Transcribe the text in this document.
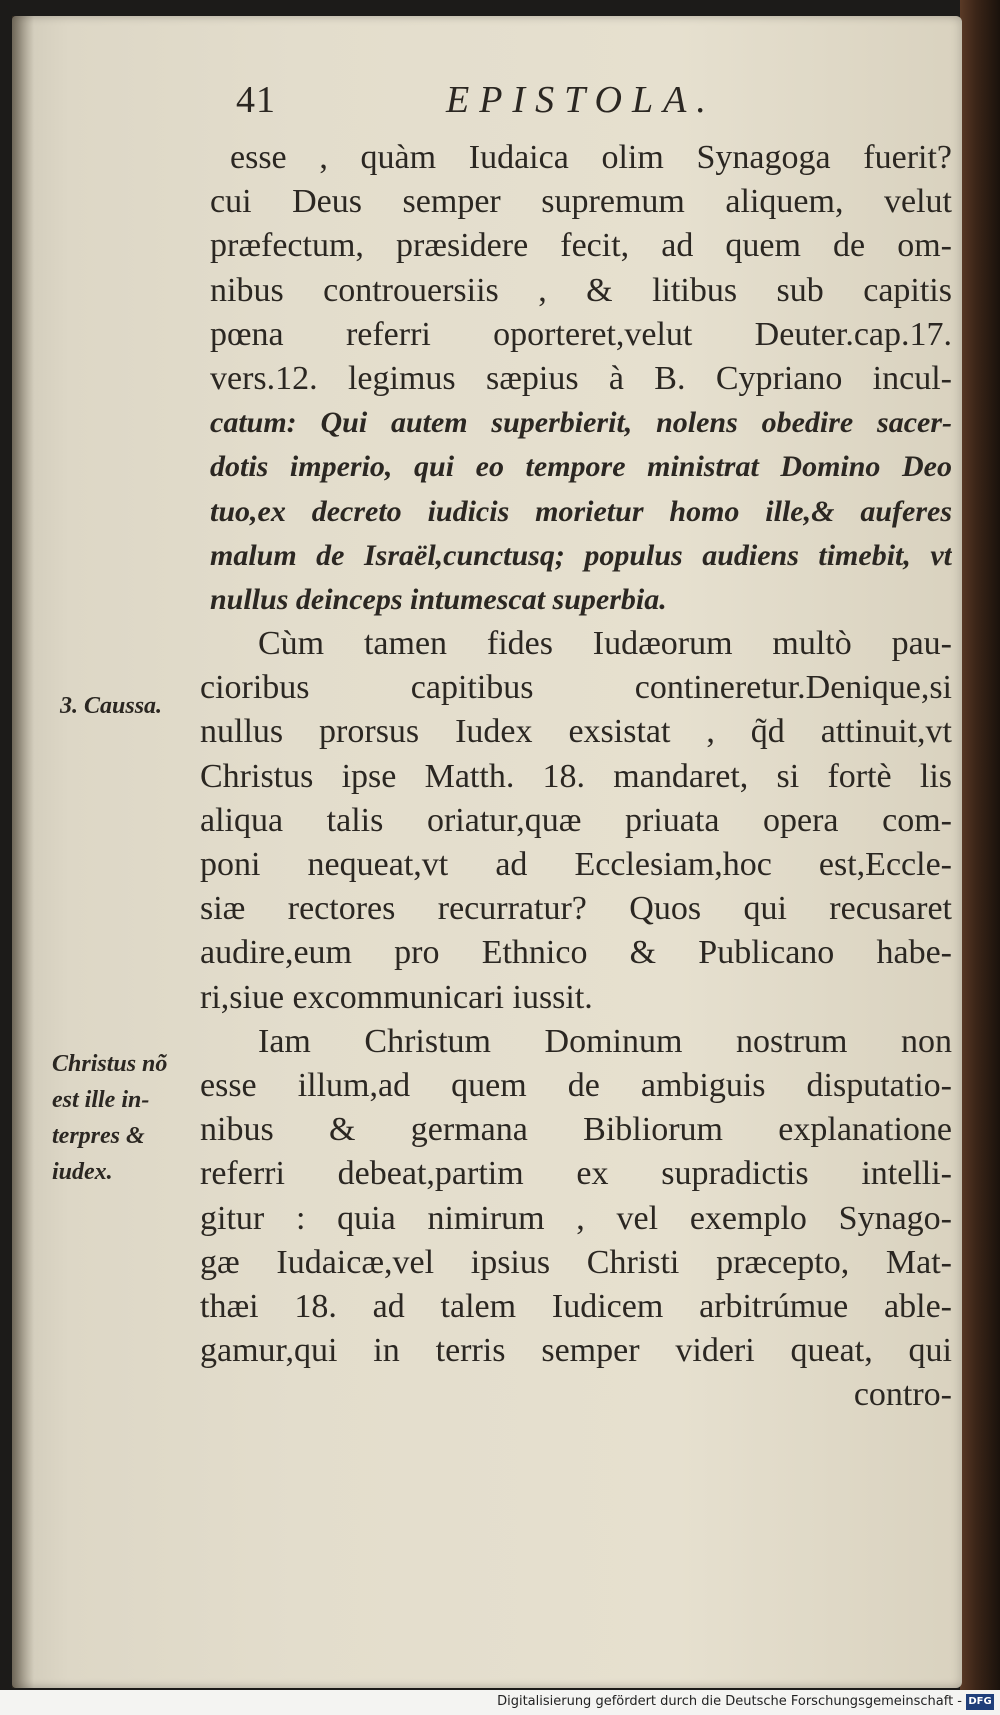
41	EPISTOLA.
esse , quàm Iudaica olim Synagoga fuerit?
cui Deus semper supremum aliquem, velut
præfectum, præsidere fecit, ad quem de om-
nibus controuersiis , & litibus sub capitis
pœna referri oporteret,velut Deuter.cap.17.
vers.12. legimus sæpius à B. Cypriano incul-
catum: Qui autem superbierit, nolens obedire sacer-
dotis imperio, qui eo tempore ministrat Domino Deo
tuo,ex decreto iudicis morietur homo ille,& auferes
malum de Israël,cunctusq; populus audiens timebit, vt
nullus deinceps intumescat superbia.
Cùm tamen fides Iudæorum multò pau-
cioribus capitibus contineretur.Denique,si
nullus prorsus Iudex exsistat , q̃d attinuit,vt
Christus ipse Matth. 18. mandaret, si fortè lis
aliqua talis oriatur,quæ priuata opera com-
poni nequeat,vt ad Ecclesiam,hoc est,Eccle-
siæ rectores recurratur? Quos qui recusaret
audire,eum pro Ethnico & Publicano habe-
ri,siue excommunicari iussit.
Iam Christum Dominum nostrum non
esse illum,ad quem de ambiguis disputatio-
nibus & germana Bibliorum explanatione
referri debeat,partim ex supradictis intelli-
gitur : quia nimirum , vel exemplo Synago-
gæ Iudaicæ,vel ipsius Christi præcepto, Mat-
thæi 18. ad talem Iudicem arbitrúmue able-
gamur,qui in terris semper videri queat, qui
contro-
3. Caussa.
Christus nõ
est ille in-
terpres &
iudex.
Digitalisierung gefördert durch die Deutsche Forschungsgemeinschaft - DFG
